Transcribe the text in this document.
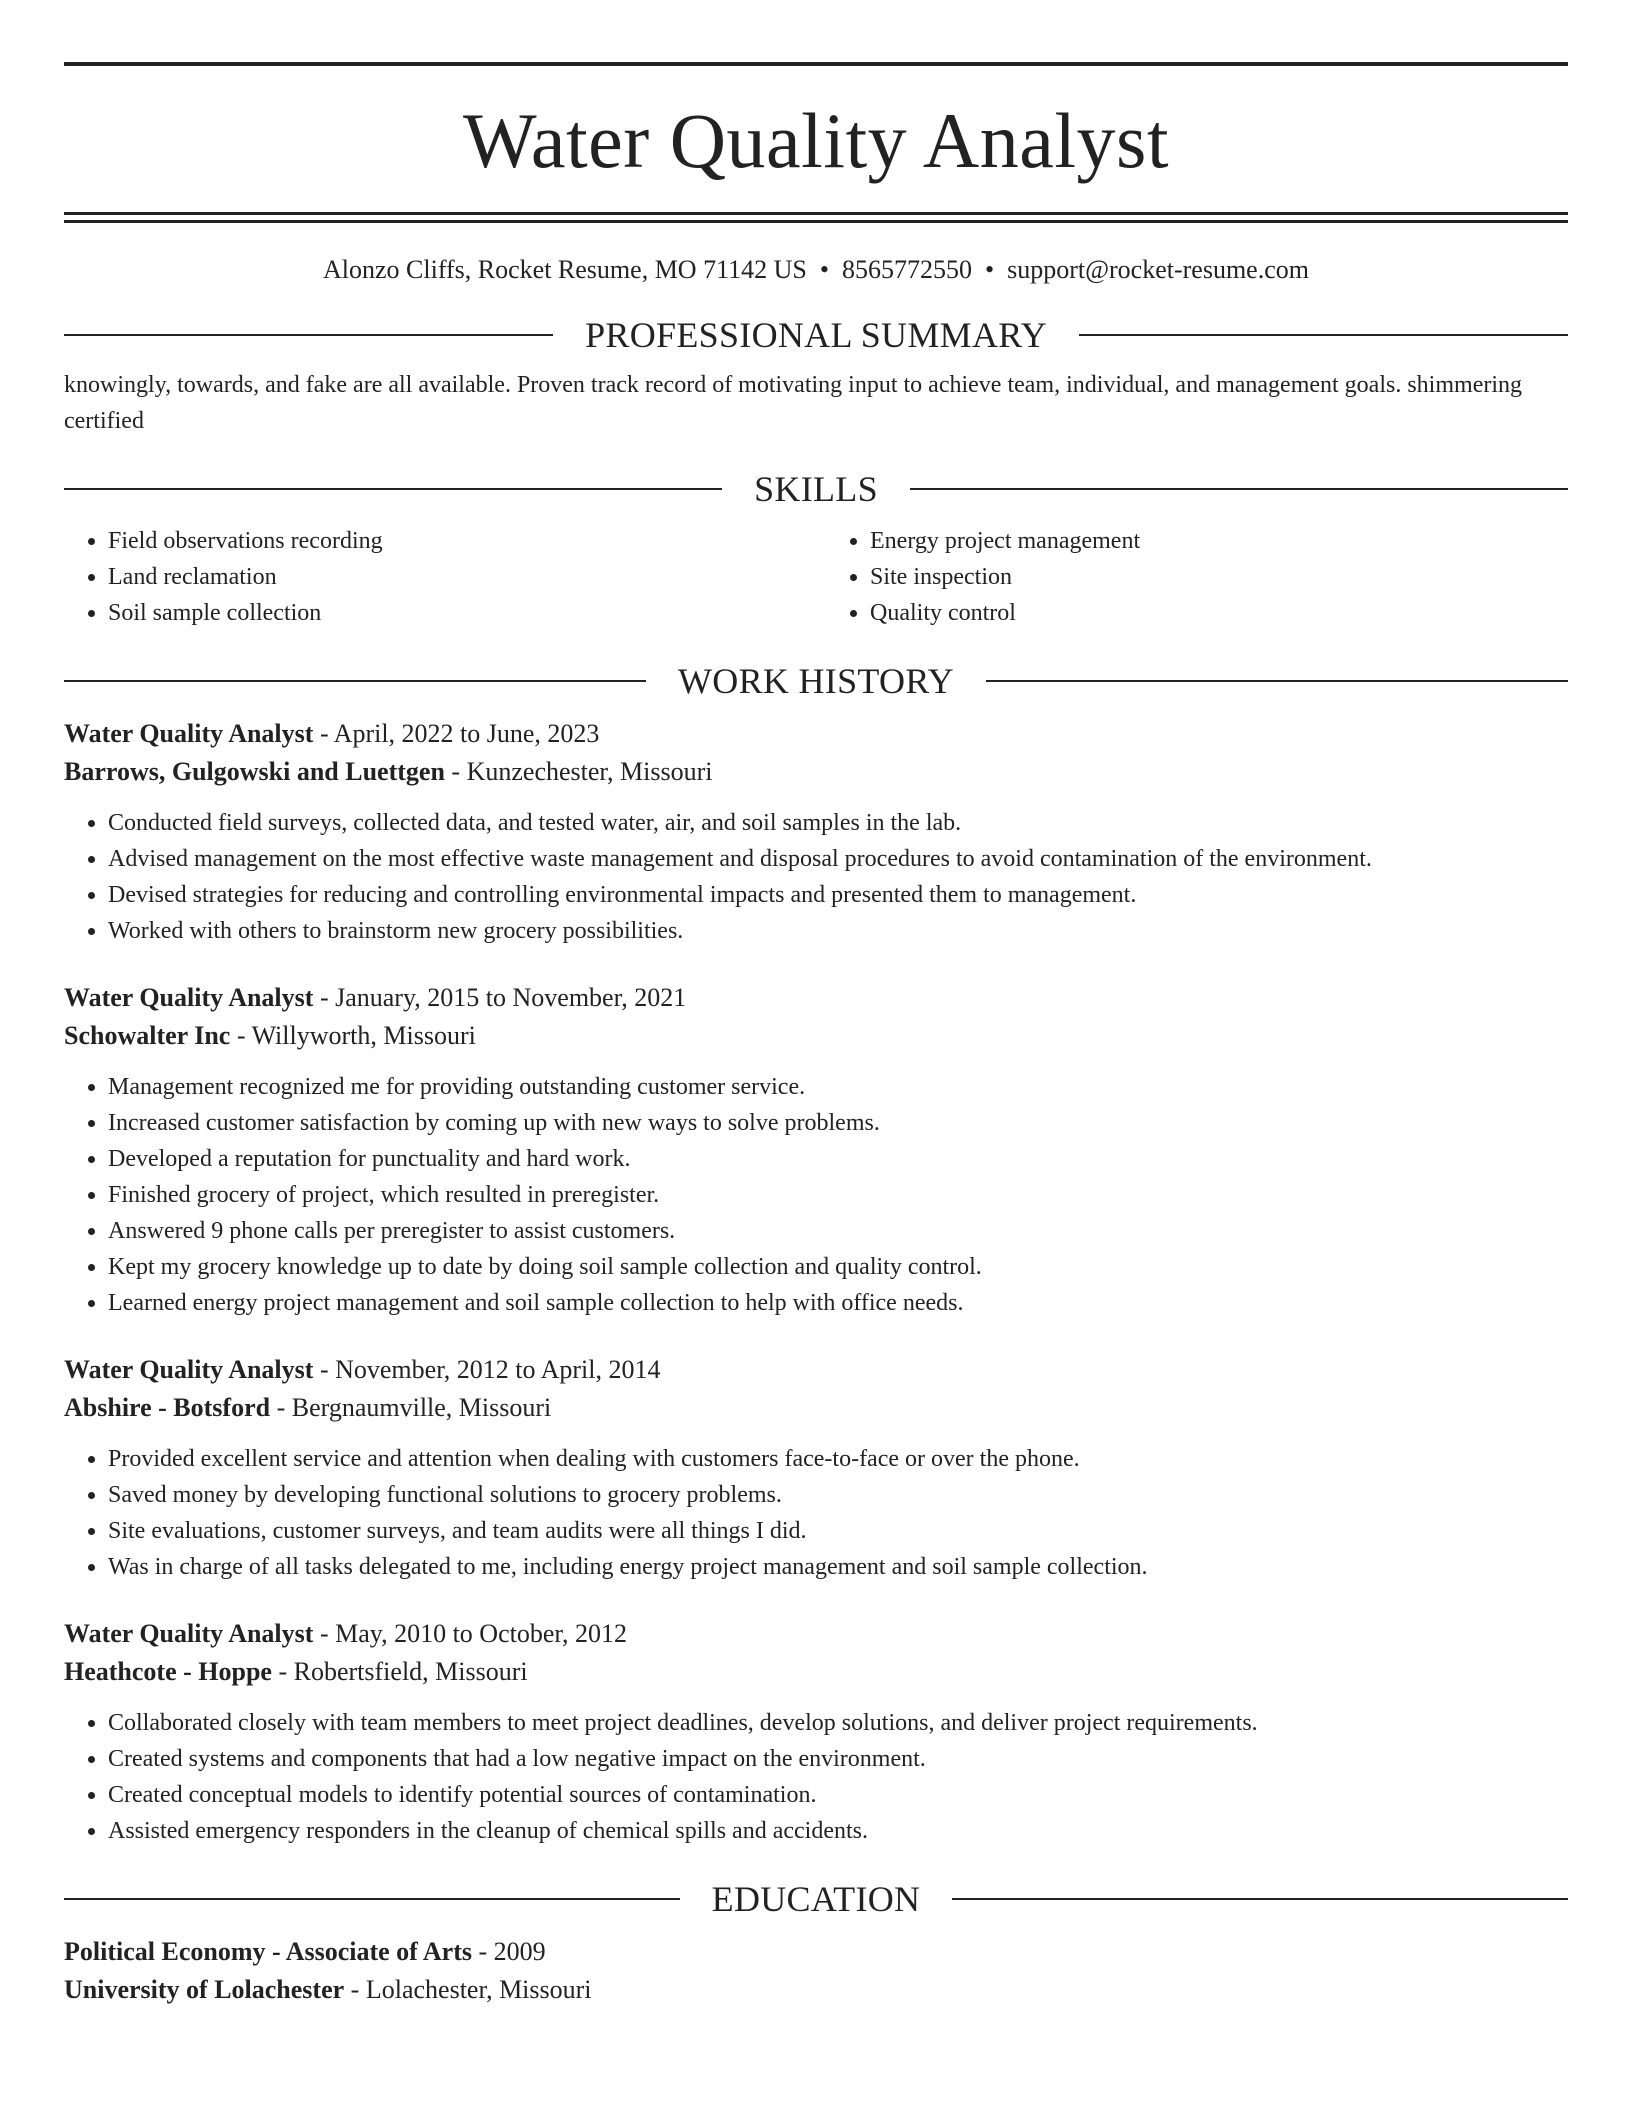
Water Quality Analyst
Alonzo Cliffs, Rocket Resume, MO 71142 US • 8565772550 • support@rocket-resume.com
PROFESSIONAL SUMMARY
knowingly, towards, and fake are all available. Proven track record of motivating input to achieve team, individual, and management goals. shimmering certified
SKILLS
• Field observations recording
• Land reclamation
• Soil sample collection
• Energy project management
• Site inspection
• Quality control
WORK HISTORY
Water Quality Analyst - April, 2022 to June, 2023
Barrows, Gulgowski and Luettgen - Kunzechester, Missouri
• Conducted field surveys, collected data, and tested water, air, and soil samples in the lab.
• Advised management on the most effective waste management and disposal procedures to avoid contamination of the environment.
• Devised strategies for reducing and controlling environmental impacts and presented them to management.
• Worked with others to brainstorm new grocery possibilities.
Water Quality Analyst - January, 2015 to November, 2021
Schowalter Inc - Willyworth, Missouri
• Management recognized me for providing outstanding customer service.
• Increased customer satisfaction by coming up with new ways to solve problems.
• Developed a reputation for punctuality and hard work.
• Finished grocery of project, which resulted in preregister.
• Answered 9 phone calls per preregister to assist customers.
• Kept my grocery knowledge up to date by doing soil sample collection and quality control.
• Learned energy project management and soil sample collection to help with office needs.
Water Quality Analyst - November, 2012 to April, 2014
Abshire - Botsford - Bergnaumville, Missouri
• Provided excellent service and attention when dealing with customers face-to-face or over the phone.
• Saved money by developing functional solutions to grocery problems.
• Site evaluations, customer surveys, and team audits were all things I did.
• Was in charge of all tasks delegated to me, including energy project management and soil sample collection.
Water Quality Analyst - May, 2010 to October, 2012
Heathcote - Hoppe - Robertsfield, Missouri
• Collaborated closely with team members to meet project deadlines, develop solutions, and deliver project requirements.
• Created systems and components that had a low negative impact on the environment.
• Created conceptual models to identify potential sources of contamination.
• Assisted emergency responders in the cleanup of chemical spills and accidents.
EDUCATION
Political Economy - Associate of Arts - 2009
University of Lolachester - Lolachester, Missouri
